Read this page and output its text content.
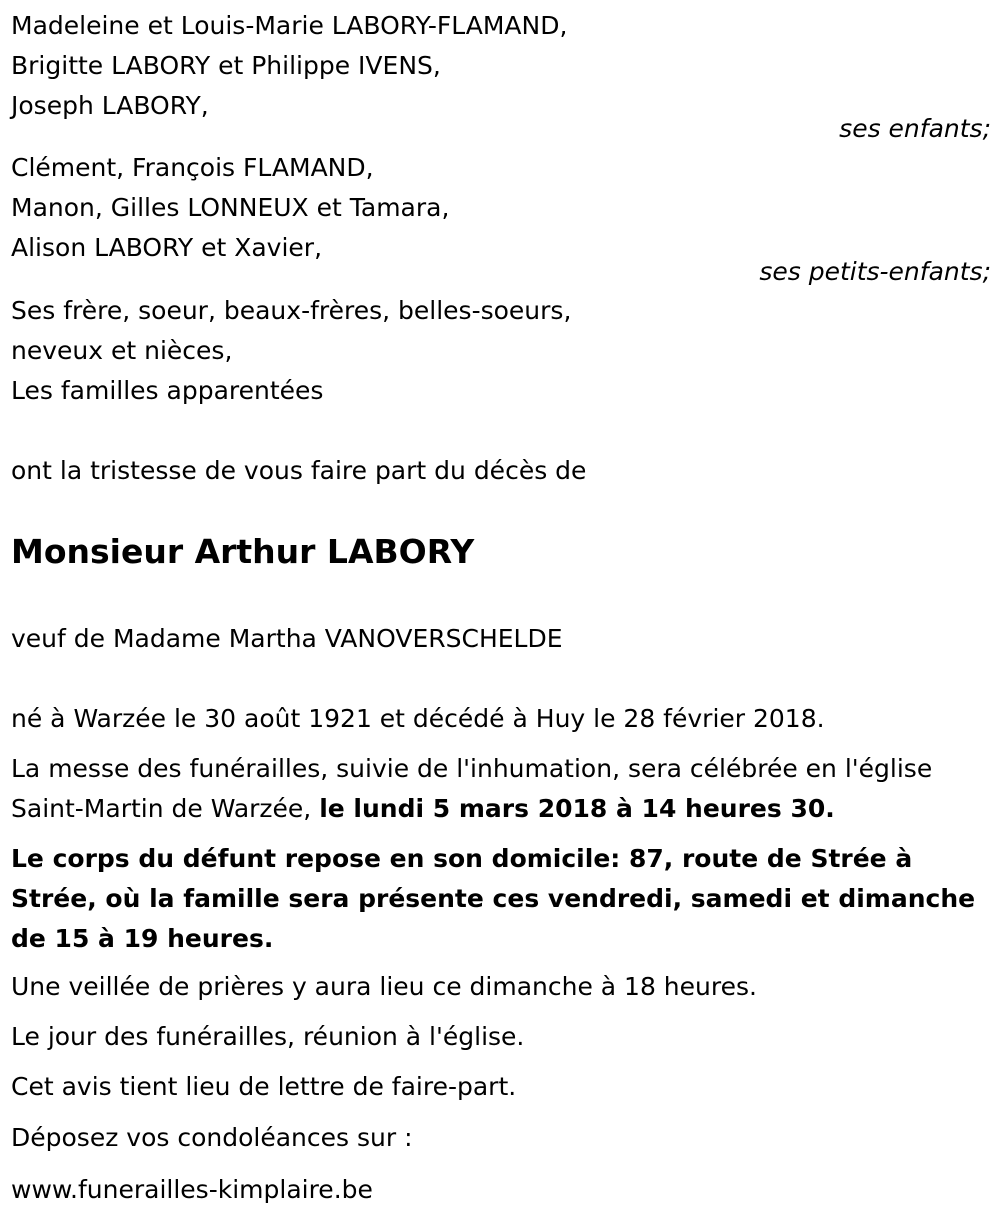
Madeleine et Louis-Marie LABORY-FLAMAND,
Brigitte LABORY et Philippe IVENS,
Joseph LABORY,
ses enfants;
Clément, François FLAMAND,
Manon, Gilles LONNEUX et Tamara,
Alison LABORY et Xavier,
ses petits-enfants;
Ses frère, soeur, beaux-frères, belles-soeurs,
neveux et nièces,
Les familles apparentées
ont la tristesse de vous faire part du décès de
Monsieur Arthur LABORY
veuf de Madame Martha VANOVERSCHELDE
né à Warzée le 30 août 1921 et décédé à Huy le 28 février 2018.
La messe des funérailles, suivie de l'inhumation, sera célébrée en l'église Saint-Martin de Warzée, le lundi 5 mars 2018 à 14 heures 30.
Le corps du défunt repose en son domicile: 87, route de Strée à Strée, où la famille sera présente ces vendredi, samedi et dimanche de 15 à 19 heures.
Une veillée de prières y aura lieu ce dimanche à 18 heures.
Le jour des funérailles, réunion à l'église.
Cet avis tient lieu de lettre de faire-part.
Déposez vos condoléances sur :
www.funerailles-kimplaire.be
